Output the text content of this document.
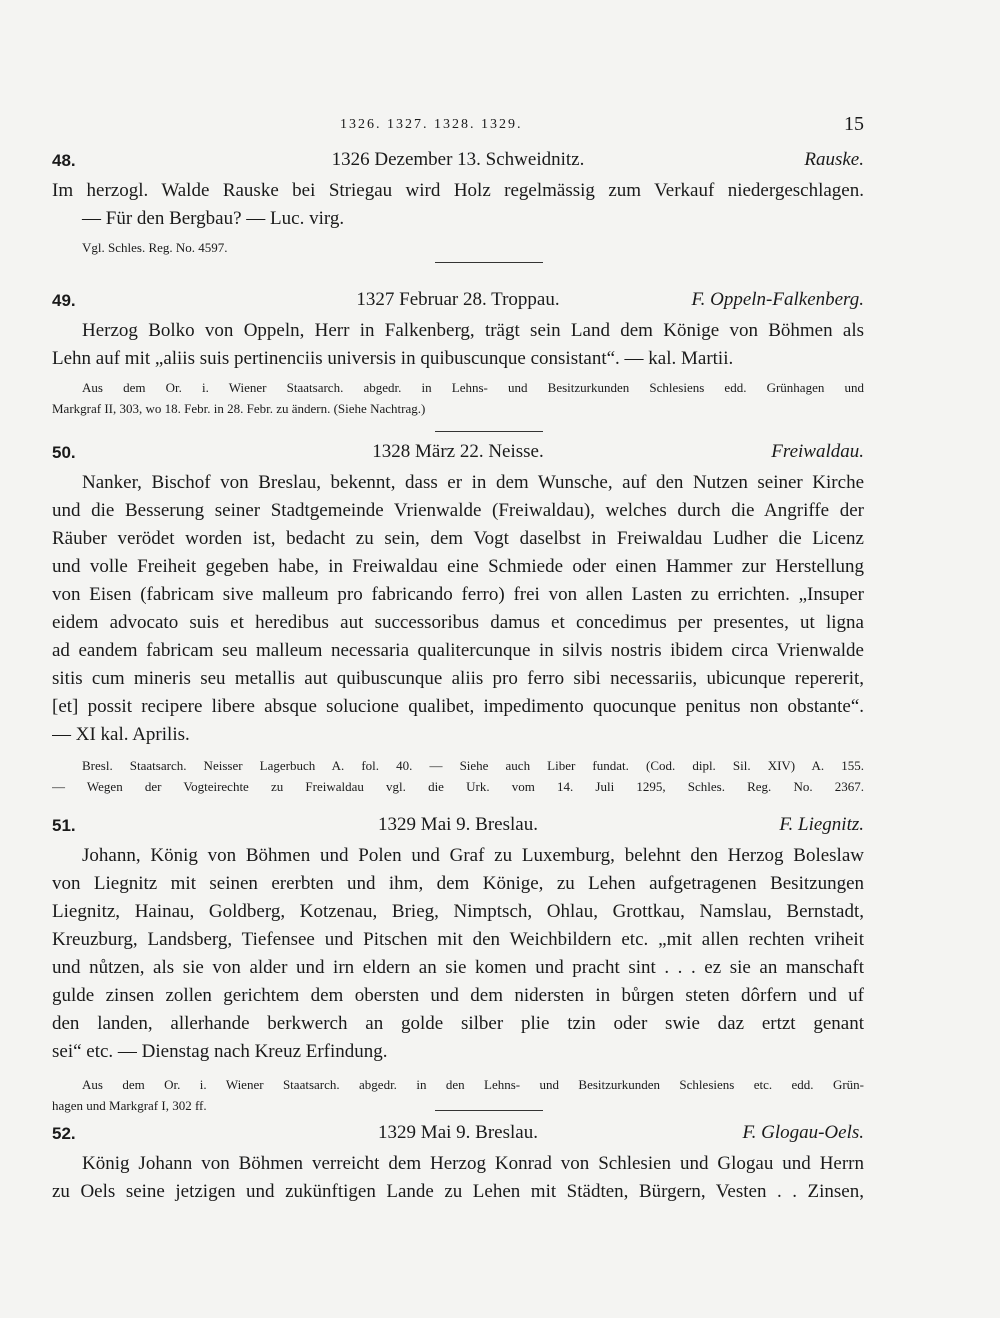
1326. 1327. 1328. 1329.	15
48.	1326 Dezember 13. Schweidnitz.	Rauske.
Im herzogl. Walde Rauske bei Striegau wird Holz regelmässig zum Verkauf niedergeschlagen.
— Für den Bergbau? — Luc. virg.
Vgl. Schles. Reg. No. 4597.
49.	1327 Februar 28. Troppau.	F. Oppeln-Falkenberg.
Herzog Bolko von Oppeln, Herr in Falkenberg, trägt sein Land dem Könige von Böhmen als
Lehn auf mit „aliis suis pertinenciis universis in quibuscunque consistant“. — kal. Martii.
Aus dem Or. i. Wiener Staatsarch. abgedr. in Lehns- und Besitzurkunden Schlesiens edd. Grünhagen und
Markgraf II, 303, wo 18. Febr. in 28. Febr. zu ändern. (Siehe Nachtrag.)
50.	1328 März 22. Neisse.	Freiwaldau.
Nanker, Bischof von Breslau, bekennt, dass er in dem Wunsche, auf den Nutzen seiner Kirche
und die Besserung seiner Stadtgemeinde Vrienwalde (Freiwaldau), welches durch die Angriffe der
Räuber verödet worden ist, bedacht zu sein, dem Vogt daselbst in Freiwaldau Ludher die Licenz
und volle Freiheit gegeben habe, in Freiwaldau eine Schmiede oder einen Hammer zur Herstellung
von Eisen (fabricam sive malleum pro fabricando ferro) frei von allen Lasten zu errichten. „Insuper
eidem advocato suis et heredibus aut successoribus damus et concedimus per presentes, ut ligna
ad eandem fabricam seu malleum necessaria qualitercunque in silvis nostris ibidem circa Vrienwalde
sitis cum mineris seu metallis aut quibuscunque aliis pro ferro sibi necessariis, ubicunque repererit,
[et] possit recipere libere absque solucione qualibet, impedimento quocunque penitus non obstante“.
— XI kal. Aprilis.
Bresl. Staatsarch. Neisser Lagerbuch A. fol. 40. — Siehe auch Liber fundat. (Cod. dipl. Sil. XIV) A. 155.
— Wegen der Vogteirechte zu Freiwaldau vgl. die Urk. vom 14. Juli 1295, Schles. Reg. No. 2367.
51.	1329 Mai 9. Breslau.	F. Liegnitz.
Johann, König von Böhmen und Polen und Graf zu Luxemburg, belehnt den Herzog Boleslaw
von Liegnitz mit seinen ererbten und ihm, dem Könige, zu Lehen aufgetragenen Besitzungen
Liegnitz, Hainau, Goldberg, Kotzenau, Brieg, Nimptsch, Ohlau, Grottkau, Namslau, Bernstadt,
Kreuzburg, Landsberg, Tiefensee und Pitschen mit den Weichbildern etc. „mit allen rechten vriheit
und nůtzen, als sie von alder und irn eldern an sie komen und pracht sint . . . ez sie an manschaft
gulde zinsen zollen gerichtem dem obersten und dem nidersten in bůrgen steten dôrfern und uf
den landen, allerhande berkwerch an golde silber plie tzin oder swie daz ertzt genant
sei“ etc. — Dienstag nach Kreuz Erfindung.
Aus dem Or. i. Wiener Staatsarch. abgedr. in den Lehns- und Besitzurkunden Schlesiens etc. edd. Grün-
hagen und Markgraf I, 302 ff.
52.	1329 Mai 9. Breslau.	F. Glogau-Oels.
König Johann von Böhmen verreicht dem Herzog Konrad von Schlesien und Glogau und Herrn
zu Oels seine jetzigen und zukünftigen Lande zu Lehen mit Städten, Bürgern, Vesten . . Zinsen,
